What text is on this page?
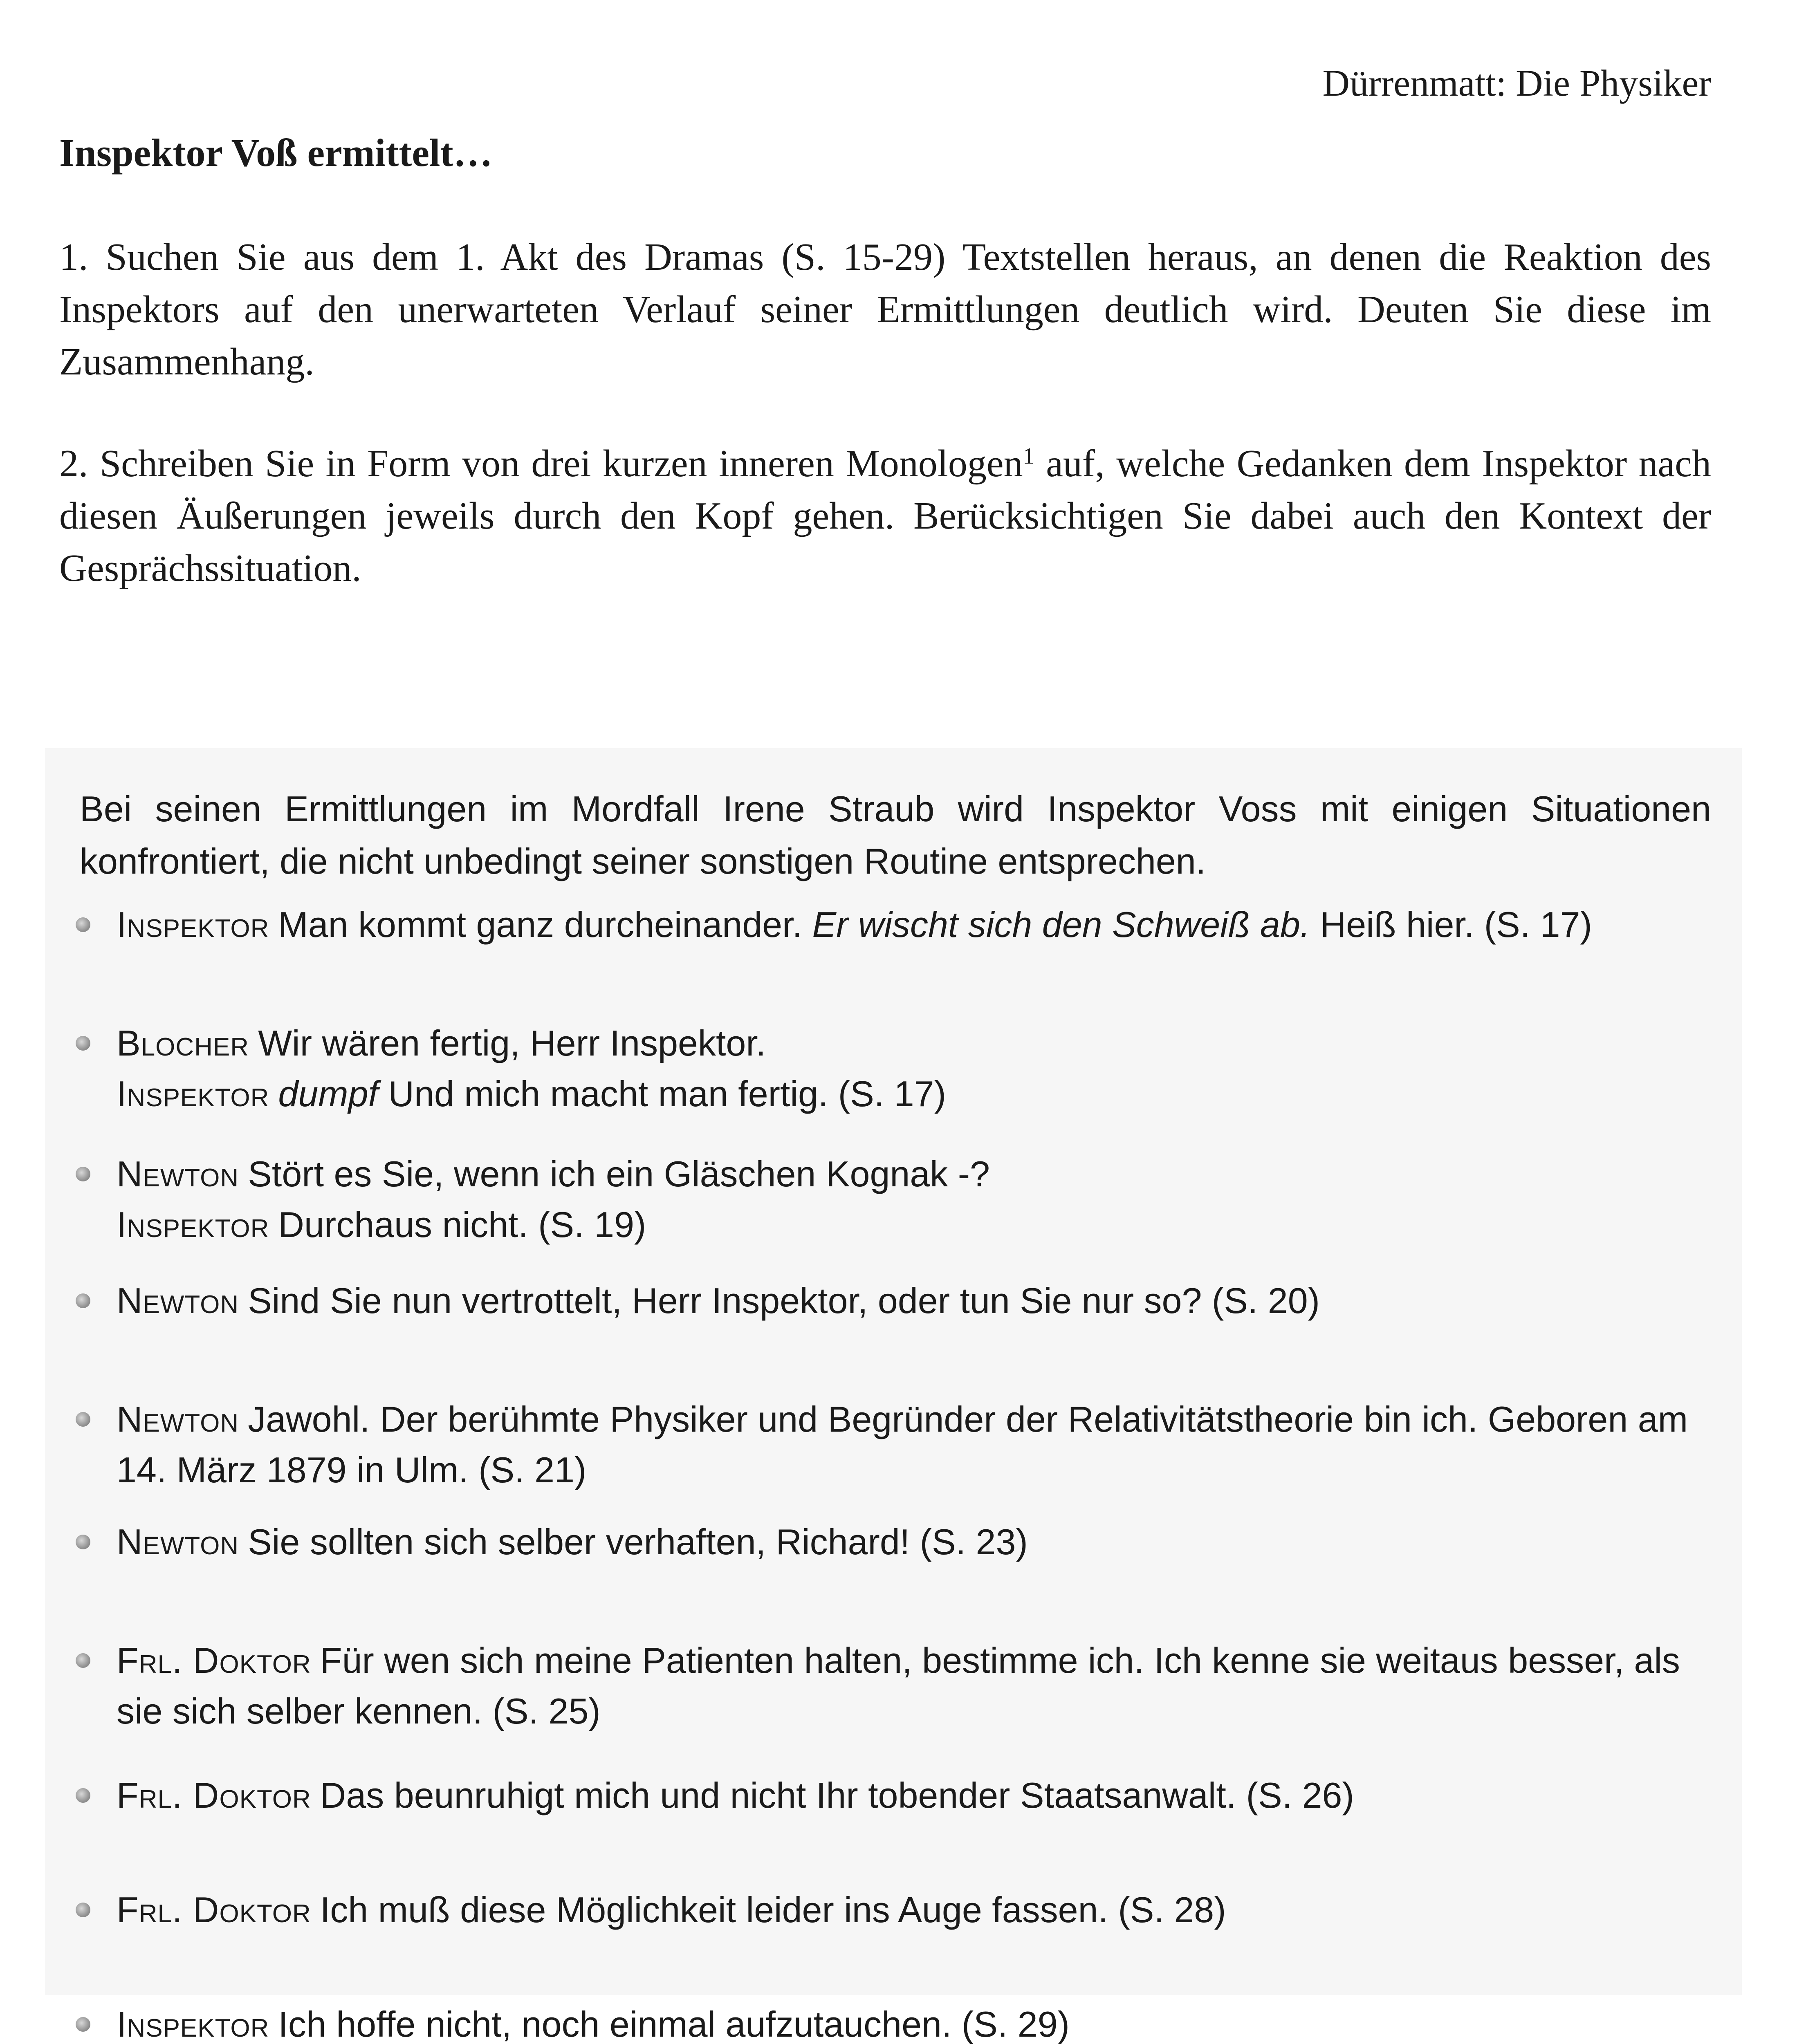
Dürrenmatt: Die Physiker
Inspektor Voß ermittelt…

1. Suchen Sie aus dem 1. Akt des Dramas (S. 15-29) Textstellen heraus, an denen die Reaktion des Inspektors auf den unerwarteten Verlauf seiner Ermittlungen deutlich wird. Deuten Sie diese im Zusammenhang.

2. Schreiben Sie in Form von drei kurzen inneren Monologen$^1$ auf, welche Gedanken dem Inspektor nach diesen Äußerungen jeweils durch den Kopf gehen. Berücksichtigen Sie dabei auch den Kontext der Gesprächssituation.

Bei seinen Ermittlungen im Mordfall Irene Straub wird Inspektor Voss mit einigen Situationen konfrontiert, die nicht unbedingt seiner sonstigen Routine entsprechen.

Inspektor Man kommt ganz durcheinander. Er wischt sich den Schweiß ab. Heiß hier. (S. 17)
Blocher Wir wären fertig, Herr Inspektor.
Inspektor dumpf Und mich macht man fertig. (S. 17)
Newton Stört es Sie, wenn ich ein Gläschen Kognak -?
Inspektor Durchaus nicht. (S. 19)
Newton Sind Sie nun vertrottelt, Herr Inspektor, oder tun Sie nur so? (S. 20)
Newton Jawohl. Der berühmte Physiker und Begründer der Relativitätstheorie bin ich. Geboren am 14. März 1879 in Ulm. (S. 21)
Newton Sie sollten sich selber verhaften, Richard! (S. 23)
Frl. Doktor Für wen sich meine Patienten halten, bestimme ich. Ich kenne sie weitaus besser, als sie sich selber kennen. (S. 25)
Frl. Doktor Das beunruhigt mich und nicht Ihr tobender Staatsanwalt. (S. 26)
Frl. Doktor Ich muß diese Möglichkeit leider ins Auge fassen. (S. 28)
Inspektor Ich hoffe nicht, noch einmal aufzutauchen. (S. 29)
